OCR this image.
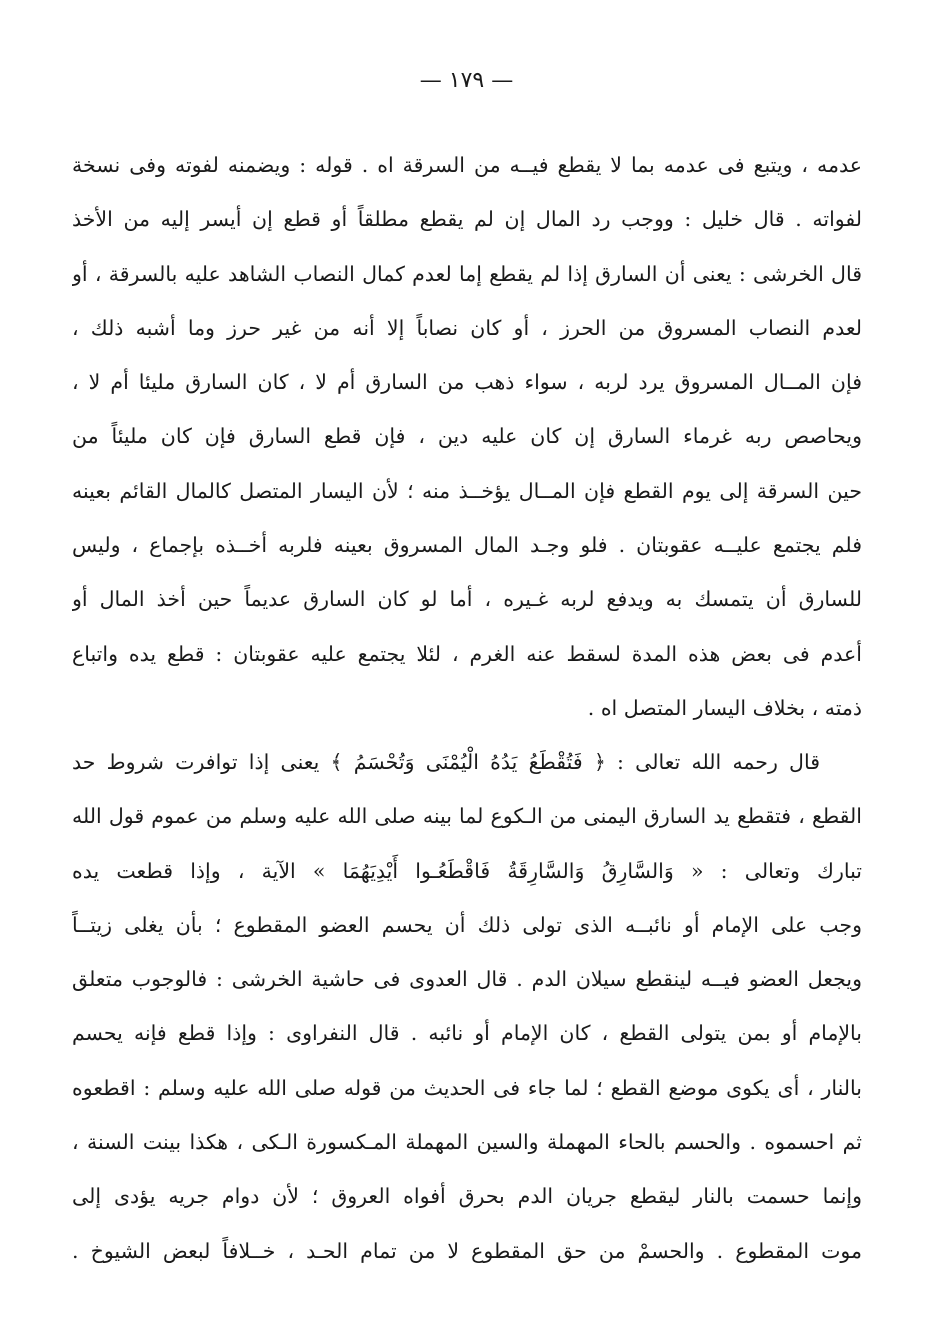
— ١٧٩ —
عدمه ، ويتبع فى عدمه بما لا يقطع فيــه من السرقة اه . قوله : ويضمنه لفوته وفى نسخة
لفواته . قال خليل : ووجب رد المال إن لم يقطع مطلقاً أو قطع إن أيسر إليه من الأخذ
قال الخرشى : يعنى أن السارق إذا لم يقطع إما لعدم كمال النصاب الشاهد عليه بالسرقة ، أو
لعدم النصاب المسروق من الحرز ، أو كان نصاباً إلا أنه من غير حرز وما أشبه ذلك ،
فإن المــال المسروق يرد لربه ، سواء ذهب من السارق أم لا ، كان السارق مليئا أم لا ،
ويحاصص ربه غرماء السارق إن كان عليه دين ، فإن قطع السارق فإن كان مليئاً من
حين السرقة إلى يوم القطع فإن المــال يؤخــذ منه ؛ لأن اليسار المتصل كالمال القائم بعينه
فلم يجتمع عليــه عقوبتان . فلو وجـد المال المسروق بعينه فلربه أخــذه بإجماع ، وليس
للسارق أن يتمسك به ويدفع لربه غـيره ، أما لو كان السارق عديماً حين أخذ المال أو
أعدم فى بعض هذه المدة لسقط عنه الغرم ، لئلا يجتمع عليه عقوبتان : قطع يده واتباع
ذمته ، بخلاف اليسار المتصل اه .
قال رحمه الله تعالى : ﴿ فَتُقْطَعُ يَدُهُ الْيُمْنَى وَتُحْسَمُ ﴾ يعنى إذا توافرت شروط حد
القطع ، فتقطع يد السارق اليمنى من الـكوع لما بينه صلى الله عليه وسلم من عموم قول الله
تبارك وتعالى : « وَالسَّارِقُ وَالسَّارِقَةُ فَاقْطَعُـوا أَيْدِيَهُمَا » الآية ، وإذا قطعت يده
وجب على الإمام أو نائبــه الذى تولى ذلك أن يحسم العضو المقطوع ؛ بأن يغلى زيتــاً
ويجعل العضو فيــه لينقطع سيلان الدم . قال العدوى فى حاشية الخرشى : فالوجوب متعلق
بالإمام أو بمن يتولى القطع ، كان الإمام أو نائبه . قال النفراوى : وإذا قطع فإنه يحسم
بالنار ، أى يكوى موضع القطع ؛ لما جاء فى الحديث من قوله صلى الله عليه وسلم : اقطعوه
ثم احسموه . والحسم بالحاء المهملة والسين المهملة المـكسورة الـكى ، هكذا بينت السنة ،
وإنما حسمت بالنار ليقطع جريان الدم بحرق أفواه العروق ؛ لأن دوام جريه يؤدى إلى
موت المقطوع . والحسمْ من حق المقطوع لا من تمام الحـد ، خــلافاً لبعض الشيوخ .
